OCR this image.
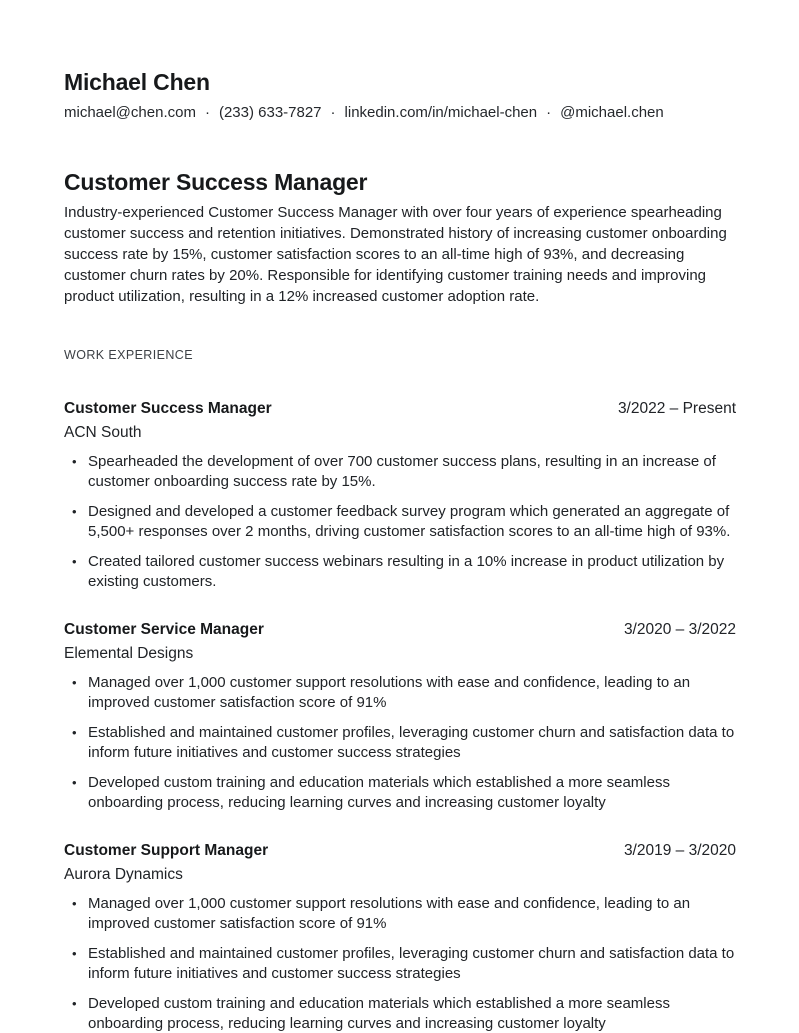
Michael Chen
michael@chen.com · (233) 633-7827 · linkedin.com/in/michael-chen · @michael.chen
Customer Success Manager

Industry-experienced Customer Success Manager with over four years of experience spearheading customer success and retention initiatives. Demonstrated history of increasing customer onboarding success rate by 15%, customer satisfaction scores to an all-time high of 93%, and decreasing customer churn rates by 20%. Responsible for identifying customer training needs and improving product utilization, resulting in a 12% increased customer adoption rate.

WORK EXPERIENCE
Customer Success Manager	3/2022 – Present
ACN South
• Spearheaded the development of over 700 customer success plans, resulting in an increase of customer onboarding success rate by 15%.
• Designed and developed a customer feedback survey program which generated an aggregate of 5,500+ responses over 2 months, driving customer satisfaction scores to an all-time high of 93%.
• Created tailored customer success webinars resulting in a 10% increase in product utilization by existing customers.
Customer Service Manager	3/2020 – 3/2022
Elemental Designs
• Managed over 1,000 customer support resolutions with ease and confidence, leading to an improved customer satisfaction score of 91%
• Established and maintained customer profiles, leveraging customer churn and satisfaction data to inform future initiatives and customer success strategies
• Developed custom training and education materials which established a more seamless onboarding process, reducing learning curves and increasing customer loyalty
Customer Support Manager	3/2019 – 3/2020
Aurora Dynamics
• Managed over 1,000 customer support resolutions with ease and confidence, leading to an improved customer satisfaction score of 91%
• Established and maintained customer profiles, leveraging customer churn and satisfaction data to inform future initiatives and customer success strategies
• Developed custom training and education materials which established a more seamless onboarding process, reducing learning curves and increasing customer loyalty
